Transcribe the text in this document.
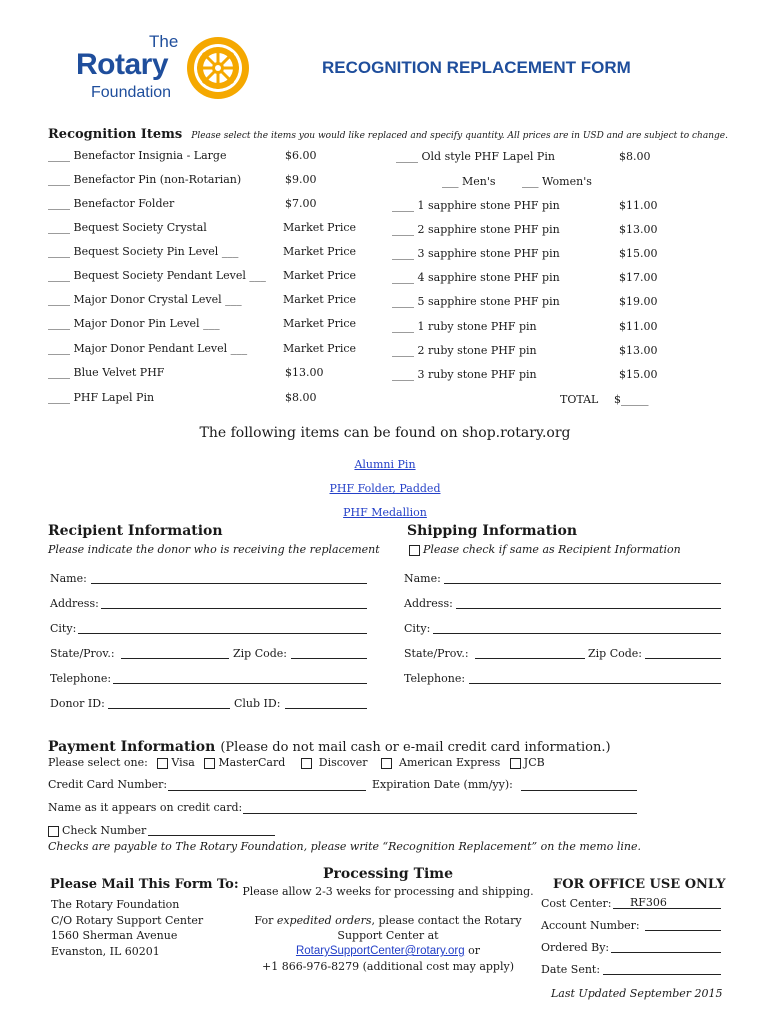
The
Rotary
Foundation
RECOGNITION REPLACEMENT FORM
Recognition Items Please select the items you would like replaced and specify quantity. All prices are in USD and are subject to change.
____ Benefactor Insignia - Large	$6.00
____ Benefactor Pin (non-Rotarian)	$9.00
____ Benefactor Folder	$7.00
____ Bequest Society Crystal	Market Price
____ Bequest Society Pin Level ___	Market Price
____ Bequest Society Pendant Level ___ Market Price
____ Major Donor Crystal Level ___	Market Price
____ Major Donor Pin Level ___	Market Price
____ Major Donor Pendant Level ___	Market Price
____ Blue Velvet PHF	$13.00
____ PHF Lapel Pin	$8.00
____ 1 sapphire stone PHF pin	$11.00
____ 2 sapphire stone PHF pin	$13.00
____ 3 sapphire stone PHF pin	$15.00
____ 4 sapphire stone PHF pin	$17.00
____ 5 sapphire stone PHF pin	$19.00
____ 1 ruby stone PHF pin	$11.00
____ 2 ruby stone PHF pin	$13.00
____ 3 ruby stone PHF pin	$15.00
____ Old style PHF Lapel Pin	$8.00
___ Men's ___ Women's
TOTAL $_____
The following items can be found on shop.rotary.org
Alumni Pin
PHF Folder, Padded
PHF Medallion
Recipient Information
Please indicate the donor who is receiving the replacement
Name:
Address:
City:
State/Prov.:	Zip Code:
Telephone:
Donor ID:	Club ID:
Shipping Information
Please check if same as Recipient Information
Name:
Address:
City:
State/Prov.:	Zip Code:
Telephone:
Payment Information (Please do not mail cash or e-mail credit card information.)
Please select one: Visa MasterCard	Discover	American Express JCB
Credit Card Number:	Expiration Date (mm/yy):
Name as it appears on credit card:
Check Number
Checks are payable to The Rotary Foundation, please write “Recognition Replacement” on the memo line.
Please Mail This Form To:
The Rotary Foundation
C/O Rotary Support Center
1560 Sherman Avenue
Evanston, IL 60201
Processing Time
Please allow 2-3 weeks for processing and shipping.
For expedited orders, please contact the Rotary
Support Center at
RotarySupportCenter@rotary.org or
+1 866-976-8279 (additional cost may apply)
FOR OFFICE USE ONLY
Cost Center: RF306
Account Number:
Ordered By:
Date Sent:
Last Updated September 2015
